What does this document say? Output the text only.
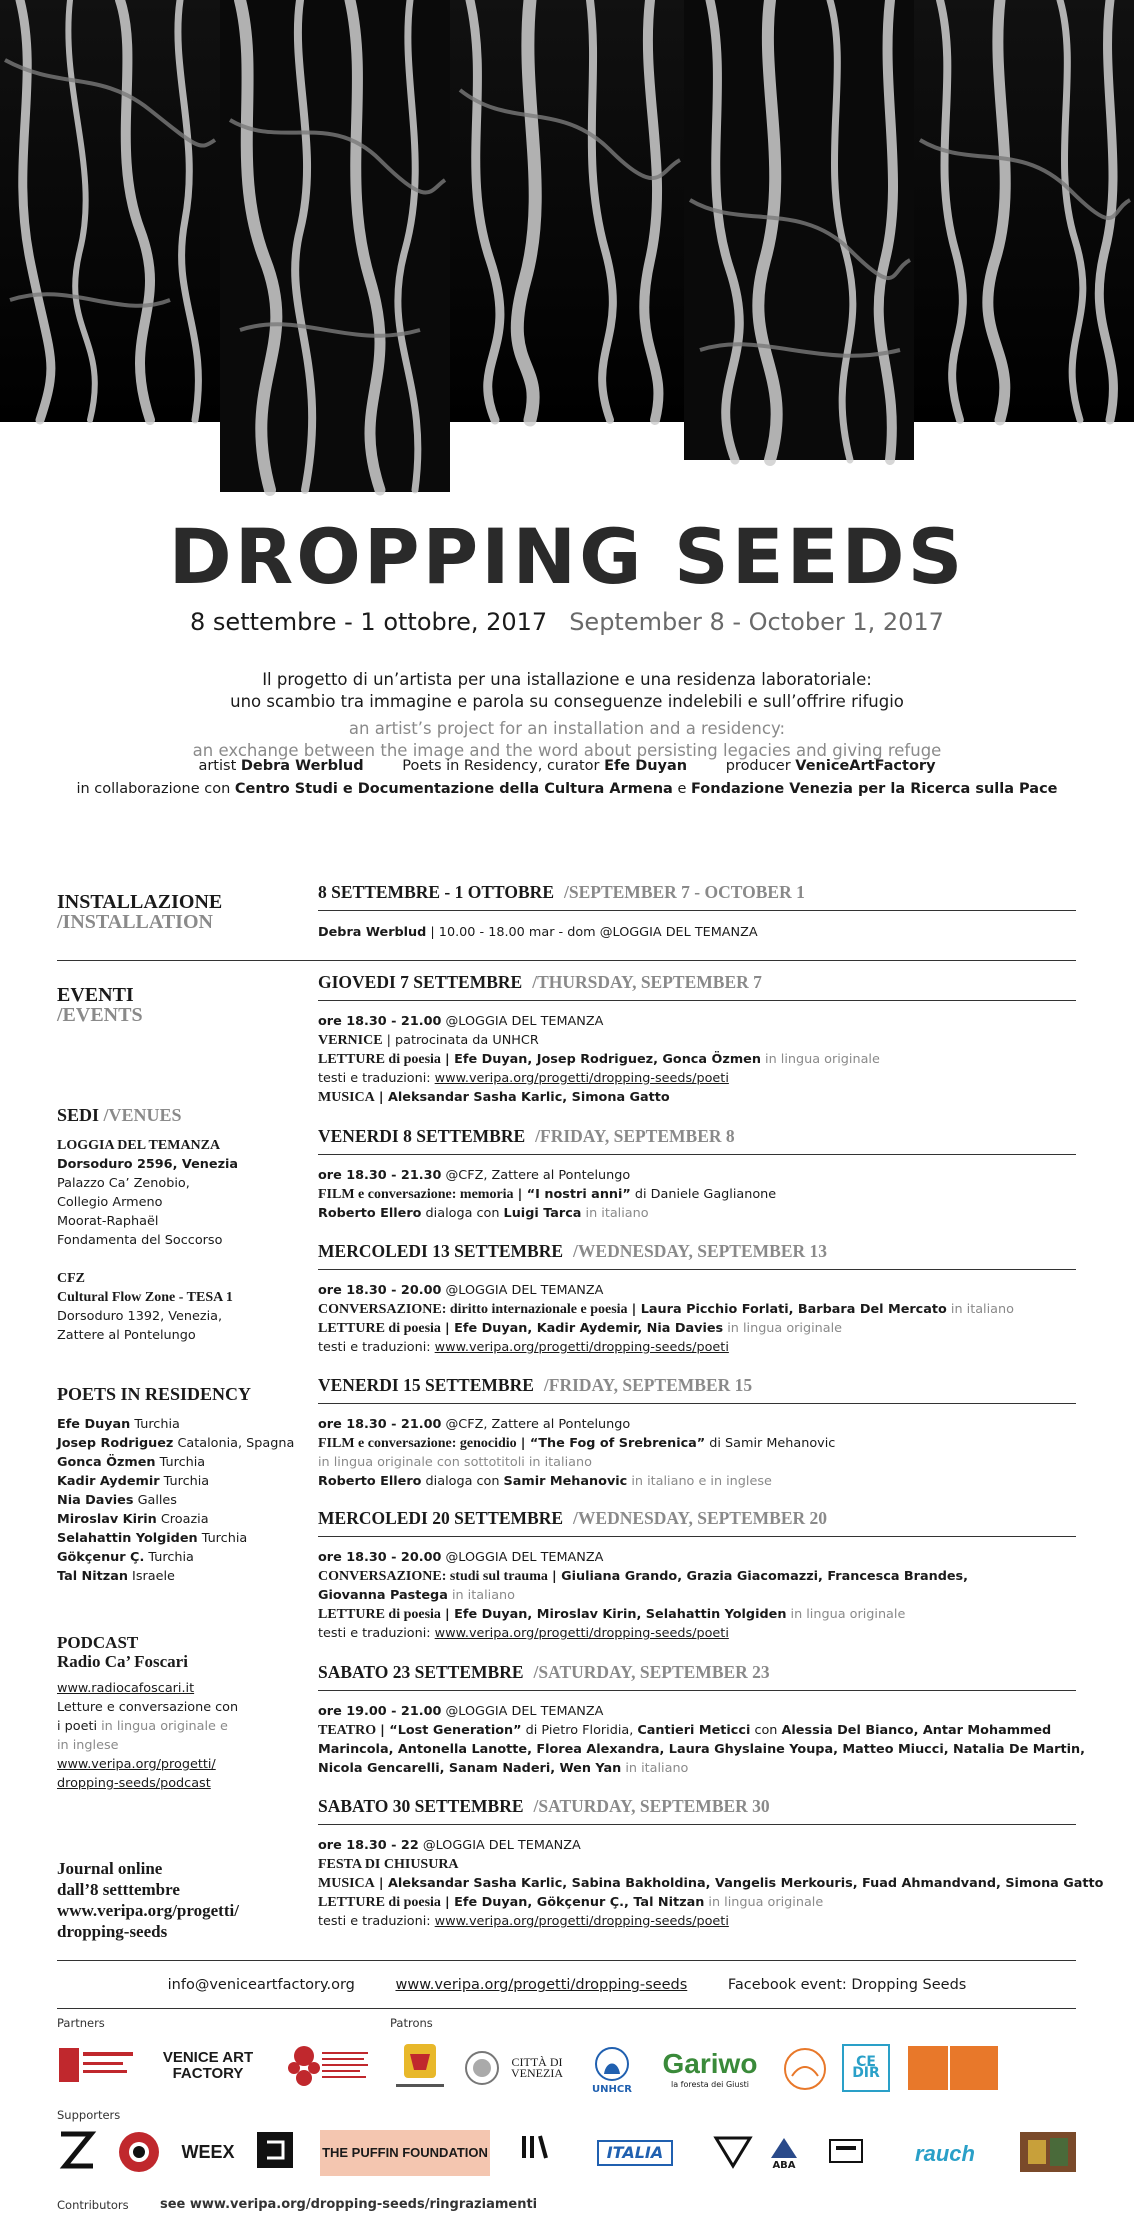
DROPPING SEEDS
8 settembre - 1 ottobre, 2017 September 8 - October 1, 2017
Il progetto di un’artista per una istallazione e una residenza laboratoriale:
uno scambio tra immagine e parola su conseguenze indelebili e sull’offrire rifugio
an artist’s project for an installation and a residency:
an exchange between the image and the word about persisting legacies and giving refuge
artist Debra Werblud	Poets in Residency, curator Efe Duyan	producer VeniceArtFactory
in collaborazione con Centro Studi e Documentazione della Cultura Armena e Fondazione Venezia per la Ricerca sulla Pace
INSTALLAZIONE
/INSTALLATION
8 SETTEMBRE - 1 OTTOBRE /SEPTEMBER 7 - OCTOBER 1
Debra Werblud | 10.00 - 18.00 mar - dom @LOGGIA DEL TEMANZA
EVENTI
/EVENTS
GIOVEDI 7 SETTEMBRE /THURSDAY, SEPTEMBER 7
ore 18.30 - 21.00 @LOGGIA DEL TEMANZA
VERNICE | patrocinata da UNHCR
LETTURE di poesia | Efe Duyan, Josep Rodriguez, Gonca Özmen in lingua originale
testi e traduzioni: www.veripa.org/progetti/dropping-seeds/poeti
MUSICA | Aleksandar Sasha Karlic, Simona Gatto
VENERDI 8 SETTEMBRE /FRIDAY, SEPTEMBER 8
ore 18.30 - 21.30 @CFZ, Zattere al Pontelungo
FILM e conversazione: memoria | “I nostri anni” di Daniele Gaglianone
Roberto Ellero dialoga con Luigi Tarca in italiano
MERCOLEDI 13 SETTEMBRE /WEDNESDAY, SEPTEMBER 13
ore 18.30 - 20.00 @LOGGIA DEL TEMANZA
CONVERSAZIONE: diritto internazionale e poesia | Laura Picchio Forlati, Barbara Del Mercato in italiano
LETTURE di poesia | Efe Duyan, Kadir Aydemir, Nia Davies in lingua originale
testi e traduzioni: www.veripa.org/progetti/dropping-seeds/poeti
VENERDI 15 SETTEMBRE /FRIDAY, SEPTEMBER 15
ore 18.30 - 21.00 @CFZ, Zattere al Pontelungo
FILM e conversazione: genocidio | “The Fog of Srebrenica” di Samir Mehanovic
in lingua originale con sottotitoli in italiano
Roberto Ellero dialoga con Samir Mehanovic in italiano e in inglese
MERCOLEDI 20 SETTEMBRE /WEDNESDAY, SEPTEMBER 20
ore 18.30 - 20.00 @LOGGIA DEL TEMANZA
CONVERSAZIONE: studi sul trauma | Giuliana Grando, Grazia Giacomazzi, Francesca Brandes,
Giovanna Pastega in italiano
LETTURE di poesia | Efe Duyan, Miroslav Kirin, Selahattin Yolgiden in lingua originale
testi e traduzioni: www.veripa.org/progetti/dropping-seeds/poeti
SABATO 23 SETTEMBRE /SATURDAY, SEPTEMBER 23
ore 19.00 - 21.00 @LOGGIA DEL TEMANZA
TEATRO | “Lost Generation” di Pietro Floridia, Cantieri Meticci con Alessia Del Bianco, Antar Mohammed
Marincola, Antonella Lanotte, Florea Alexandra, Laura Ghyslaine Youpa, Matteo Miucci, Natalia De Martin,
Nicola Gencarelli, Sanam Naderi, Wen Yan in italiano
SABATO 30 SETTEMBRE /SATURDAY, SEPTEMBER 30
ore 18.30 - 22 @LOGGIA DEL TEMANZA
FESTA DI CHIUSURA
MUSICA | Aleksandar Sasha Karlic, Sabina Bakholdina, Vangelis Merkouris, Fuad Ahmandvand, Simona Gatto
LETTURE di poesia | Efe Duyan, Gökçenur Ç., Tal Nitzan in lingua originale
testi e traduzioni: www.veripa.org/progetti/dropping-seeds/poeti
SEDI /VENUES
LOGGIA DEL TEMANZA
Dorsoduro 2596, Venezia
Palazzo Ca’ Zenobio,
Collegio Armeno
Moorat-Raphaël
Fondamenta del Soccorso
CFZ
Cultural Flow Zone - TESA 1
Dorsoduro 1392, Venezia,
Zattere al Pontelungo
POETS IN RESIDENCY
Efe Duyan Turchia
Josep Rodriguez Catalonia, Spagna
Gonca Özmen Turchia
Kadir Aydemir Turchia
Nia Davies Galles
Miroslav Kirin Croazia
Selahattin Yolgiden Turchia
Gökçenur Ç. Turchia
Tal Nitzan Israele
PODCAST
Radio Ca’ Foscari
www.radiocafoscari.it
Letture e conversazione con
i poeti in lingua originale e
in inglese
www.veripa.org/progetti/
dropping-seeds/podcast
Journal online
dall’8 setttembre
www.veripa.org/progetti/
dropping-seeds
info@veniceartfactory.org	www.veripa.org/progetti/dropping-seeds	Facebook event: Dropping Seeds
Partners	Patrons
VENICE ART FACTORY
CITTÀ DI VENEZIA
UNHCR
Gariwo
la foresta dei Giusti
CE DIR
Supporters
WEEX	THE PUFFIN FOUNDATION	ITALIA
ABA	rauch
Contributors see www.veripa.org/dropping-seeds/ringraziamenti
